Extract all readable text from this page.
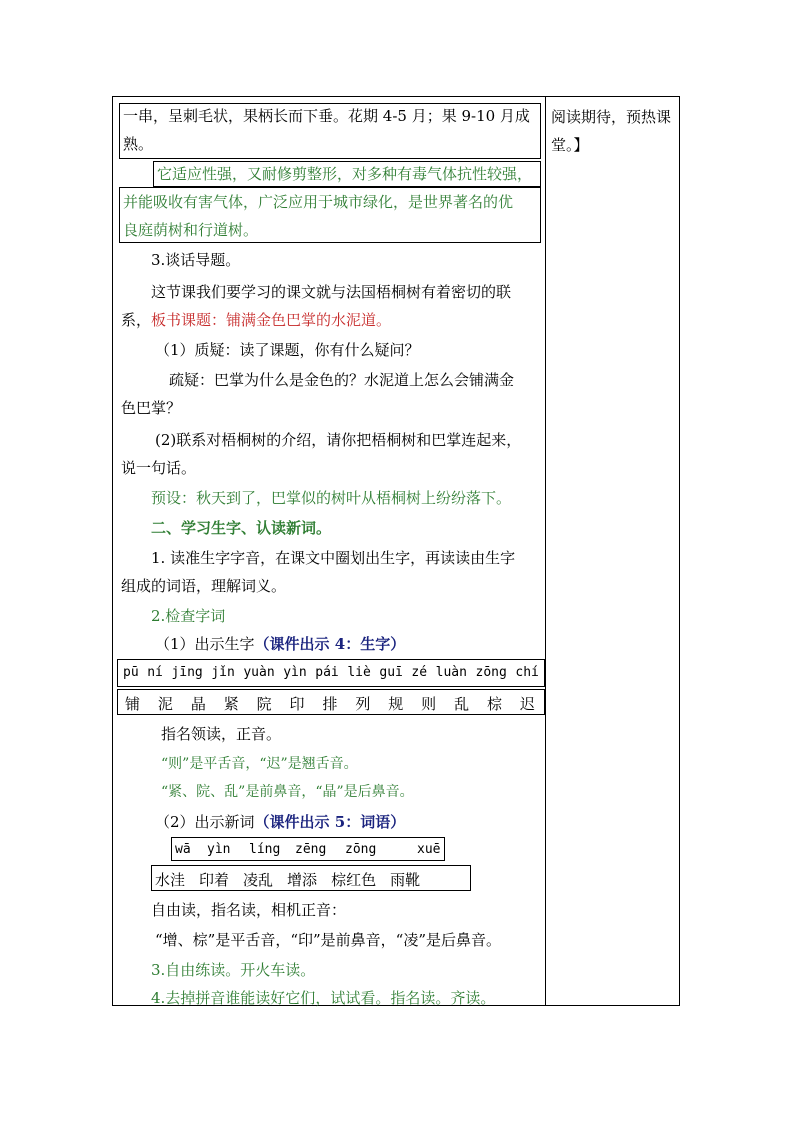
一串，呈刺毛状，果柄长而下垂。花期 4-5 月；果 9-10 月成
熟。
它适应性强，又耐修剪整形，对多种有毒气体抗性较强，
并能吸收有害气体，广泛应用于城市绿化，是世界著名的优
良庭荫树和行道树。
3.谈话导题。
这节课我们要学习的课文就与法国梧桐树有着密切的联
系，板书课题：铺满金色巴掌的水泥道。
（1）质疑：读了课题，你有什么疑问？
疏疑：巴掌为什么是金色的？水泥道上怎么会铺满金
色巴掌？
(2)联系对梧桐树的介绍，请你把梧桐树和巴掌连起来，
说一句话。
预设：秋天到了，巴掌似的树叶从梧桐树上纷纷落下。
二、学习生字、认读新词。
1. 读准生字字音，在课文中圈划出生字，再读读由生字
组成的词语，理解词义。
2.检查字词
（1）出示生字（课件出示 4：生字）
pū ní jīng jǐn yuàn yìn pái liè guī zé luàn zōng chí
铺 泥 晶 紧 院 印 排 列 规 则 乱 棕 迟
指名领读，正音。
“则”是平舌音，“迟”是翘舌音。
“紧、院、乱”是前鼻音，“晶”是后鼻音。
（2）出示新词（课件出示 5：词语）
wā yìn líng zēng zōng	xuē
水洼 印着 凌乱 增添 棕红色 雨靴
自由读，指名读，相机正音：
“增、棕”是平舌音，“印”是前鼻音，“凌”是后鼻音。
3.自由练读。开火车读。
4.去掉拼音谁能读好它们，试试看。指名读。齐读。
阅读期待，预热课堂。】
